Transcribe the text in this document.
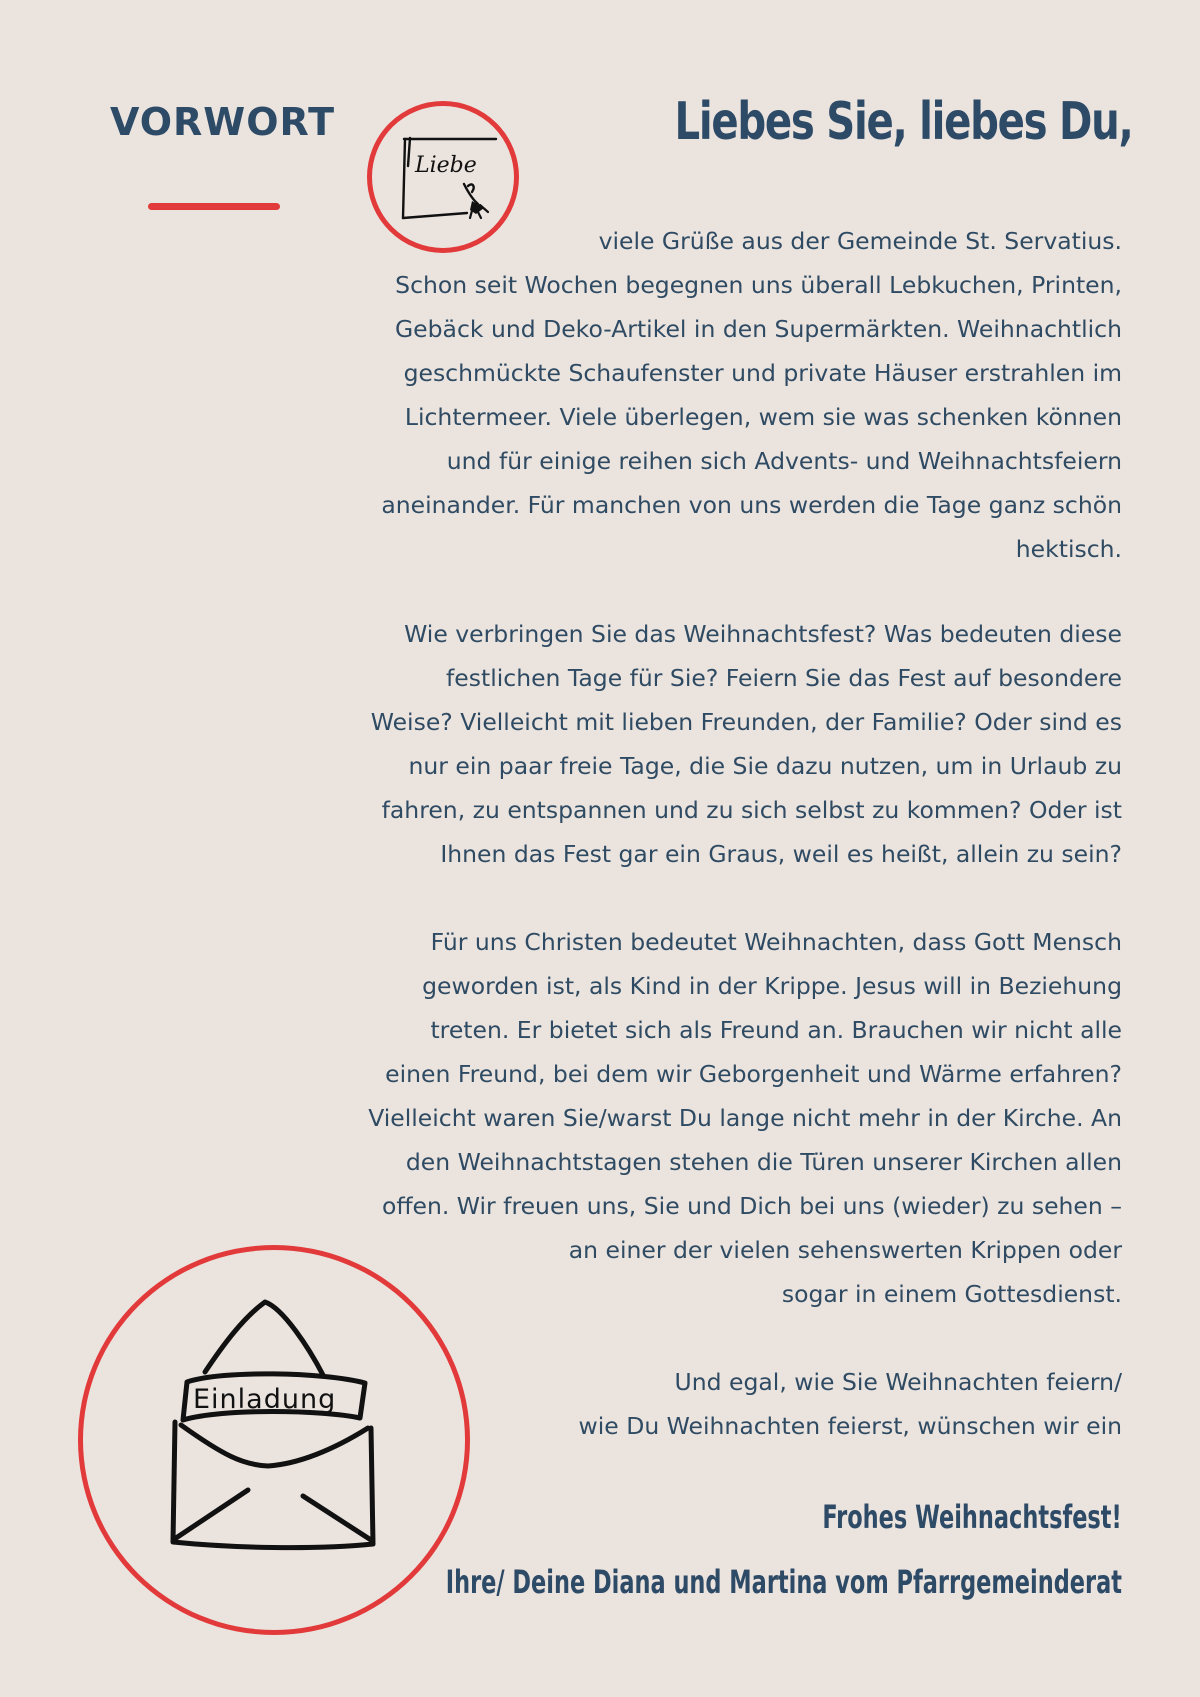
VORWORT	Liebes Sie, liebes Du,
Liebe
viele Grüße aus der Gemeinde St. Servatius.
Schon seit Wochen begegnen uns überall Lebkuchen, Printen,
Gebäck und Deko-Artikel in den Supermärkten. Weihnachtlich
geschmückte Schaufenster und private Häuser erstrahlen im
Lichtermeer. Viele überlegen, wem sie was schenken können
und für einige reihen sich Advents- und Weihnachtsfeiern
aneinander. Für manchen von uns werden die Tage ganz schön
hektisch.
Wie verbringen Sie das Weihnachtsfest? Was bedeuten diese
festlichen Tage für Sie? Feiern Sie das Fest auf besondere
Weise? Vielleicht mit lieben Freunden, der Familie? Oder sind es
nur ein paar freie Tage, die Sie dazu nutzen, um in Urlaub zu
fahren, zu entspannen und zu sich selbst zu kommen? Oder ist
Ihnen das Fest gar ein Graus, weil es heißt, allein zu sein?
Für uns Christen bedeutet Weihnachten, dass Gott Mensch
geworden ist, als Kind in der Krippe. Jesus will in Beziehung
treten. Er bietet sich als Freund an. Brauchen wir nicht alle
einen Freund, bei dem wir Geborgenheit und Wärme erfahren?
Vielleicht waren Sie/warst Du lange nicht mehr in der Kirche. An
den Weihnachtstagen stehen die Türen unserer Kirchen allen
offen. Wir freuen uns, Sie und Dich bei uns (wieder) zu sehen –
an einer der vielen sehenswerten Krippen oder
sogar in einem Gottesdienst.
Und egal, wie Sie Weihnachten feiern/
wie Du Weihnachten feierst, wünschen wir ein
Frohes Weihnachtsfest!
Ihre/ Deine Diana und Martina vom Pfarrgemeinderat
Einladung
